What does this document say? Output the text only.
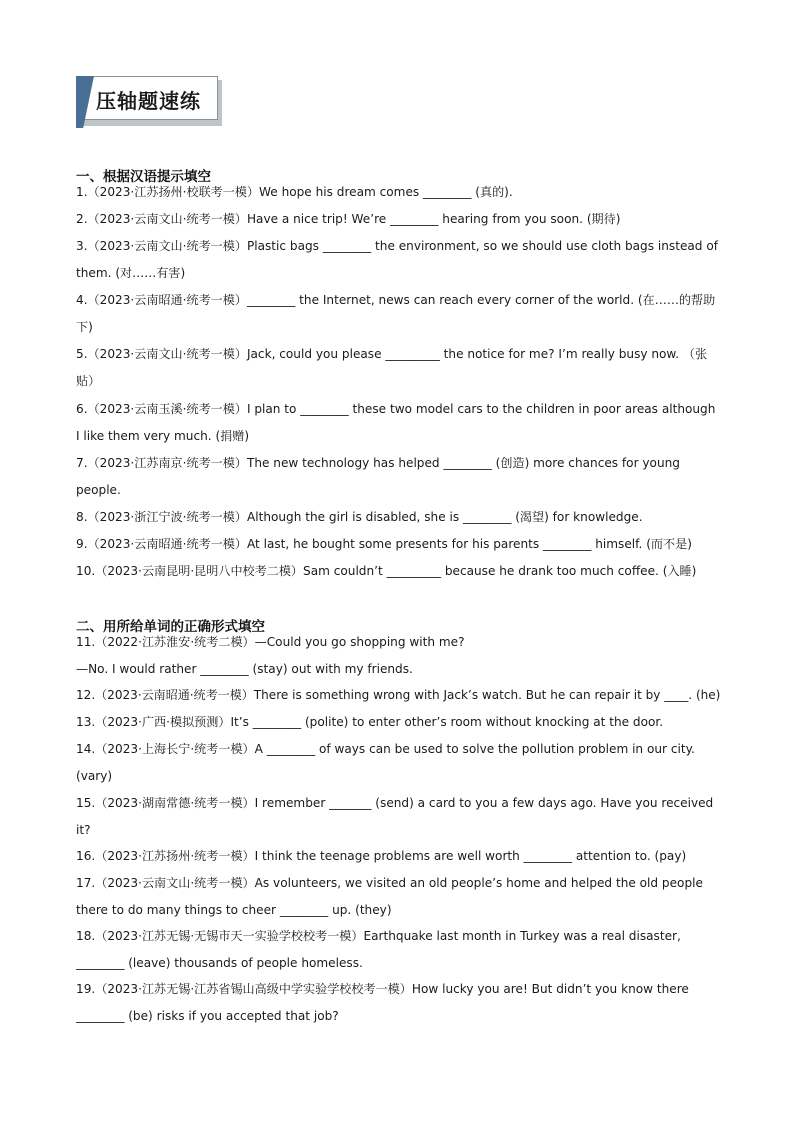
压轴题速练
一、根据汉语提示填空
1.（2023·江苏扬州·校联考一模）We hope his dream comes ________ (真的).
2.（2023·云南文山·统考一模）Have a nice trip! We’re ________ hearing from you soon. (期待)
3.（2023·云南文山·统考一模）Plastic bags ________ the environment, so we should use cloth bags instead of
them. (对……有害)
4.（2023·云南昭通·统考一模）________ the Internet, news can reach every corner of the world. (在……的帮助
下)
5.（2023·云南文山·统考一模）Jack, could you please _________ the notice for me? I’m really busy now. （张
贴）
6.（2023·云南玉溪·统考一模）I plan to ________ these two model cars to the children in poor areas although
I like them very much. (捐赠)
7.（2023·江苏南京·统考一模）The new technology has helped ________ (创造) more chances for young
people.
8.（2023·浙江宁波·统考一模）Although the girl is disabled, she is ________ (渴望) for knowledge.
9.（2023·云南昭通·统考一模）At last, he bought some presents for his parents ________ himself. (而不是)
10.（2023·云南昆明·昆明八中校考二模）Sam couldn’t _________ because he drank too much coffee. (入睡)
二、用所给单词的正确形式填空
11.（2022·江苏淮安·统考二模）—Could you go shopping with me?
—No. I would rather ________ (stay) out with my friends.
12.（2023·云南昭通·统考一模）There is something wrong with Jack’s watch. But he can repair it by ____. (he)
13.（2023·广西·模拟预测）It’s ________ (polite) to enter other’s room without knocking at the door.
14.（2023·上海长宁·统考一模）A ________ of ways can be used to solve the pollution problem in our city.
(vary)
15.（2023·湖南常德·统考一模）I remember _______ (send) a card to you a few days ago. Have you received
it?
16.（2023·江苏扬州·统考一模）I think the teenage problems are well worth ________ attention to. (pay)
17.（2023·云南文山·统考一模）As volunteers, we visited an old people’s home and helped the old people
there to do many things to cheer ________ up. (they)
18.（2023·江苏无锡·无锡市天一实验学校校考一模）Earthquake last month in Turkey was a real disaster,
________ (leave) thousands of people homeless.
19.（2023·江苏无锡·江苏省锡山高级中学实验学校校考一模）How lucky you are! But didn’t you know there
________ (be) risks if you accepted that job?
